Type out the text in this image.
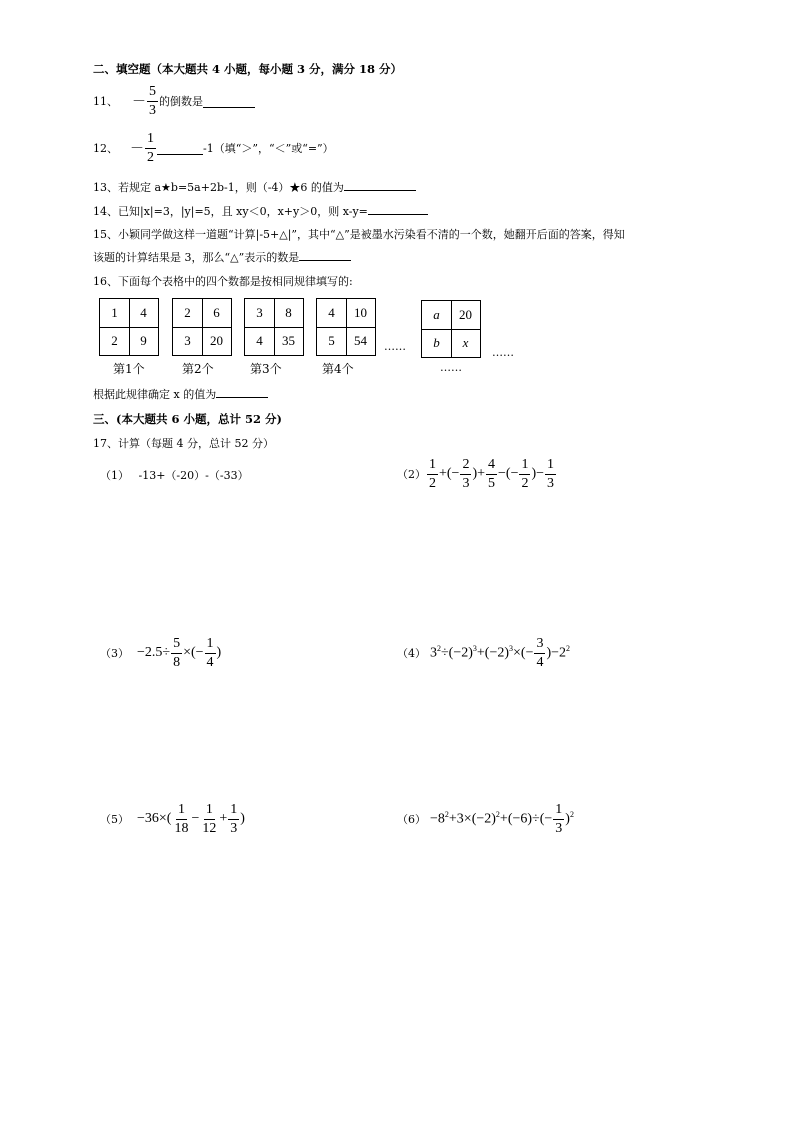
二、填空题（本大题共 4 小题，每小题 3 分，满分 18 分）
11、 － $\frac{5}{3}$ 的倒数是
12、 － $\frac{1}{2}$	-1（填“＞”，“＜”或“=”）
13、若规定 a★b=5a+2b-1，则（-4）★6 的值为
14、已知|x|=3，|y|=5，且 xy＜0，x+y＞0，则 x-y=
15、小颖同学做这样一道题“计算|-5+△|”，其中“△”是被墨水污染看不清的一个数，她翻开后面的答案，得知
该题的计算结果是 3，那么“△”表示的数是
16、下面每个表格中的四个数都是按相同规律填写的:
1	4
2	9
第1个
2	6
3	20
第2个
3	8
4	35
第3个
4	10
5	54
第4个
……
a	20
b	x
……
……
根据此规律确定 x 的值为
三、(本大题共 6 小题，总计 52 分)
17、计算（每题 4 分，总计 52 分）
（1） -13+（-20）-（-33）	$(2) \frac{1}{2}$ +(− $\frac{2}{3}$ )+ $\frac{4}{5}$ −(− $\frac{1}{2}$ )− $\frac{1}{3}$
$(3) -2.5\div \frac{5}{8}$ ×(− $\frac{1}{4}$ )	（4） $3^2\div(-2)^3+(-2)^3\times(- \frac{3}{4} )-2^2$
$(5) -36\times( \frac{1}{18} - \frac{1}{12} + \frac{1}{3}$ )	$(6) -8^2+3\times(-2)^2+(-6)\div(- \frac{1}{3} )^2$
